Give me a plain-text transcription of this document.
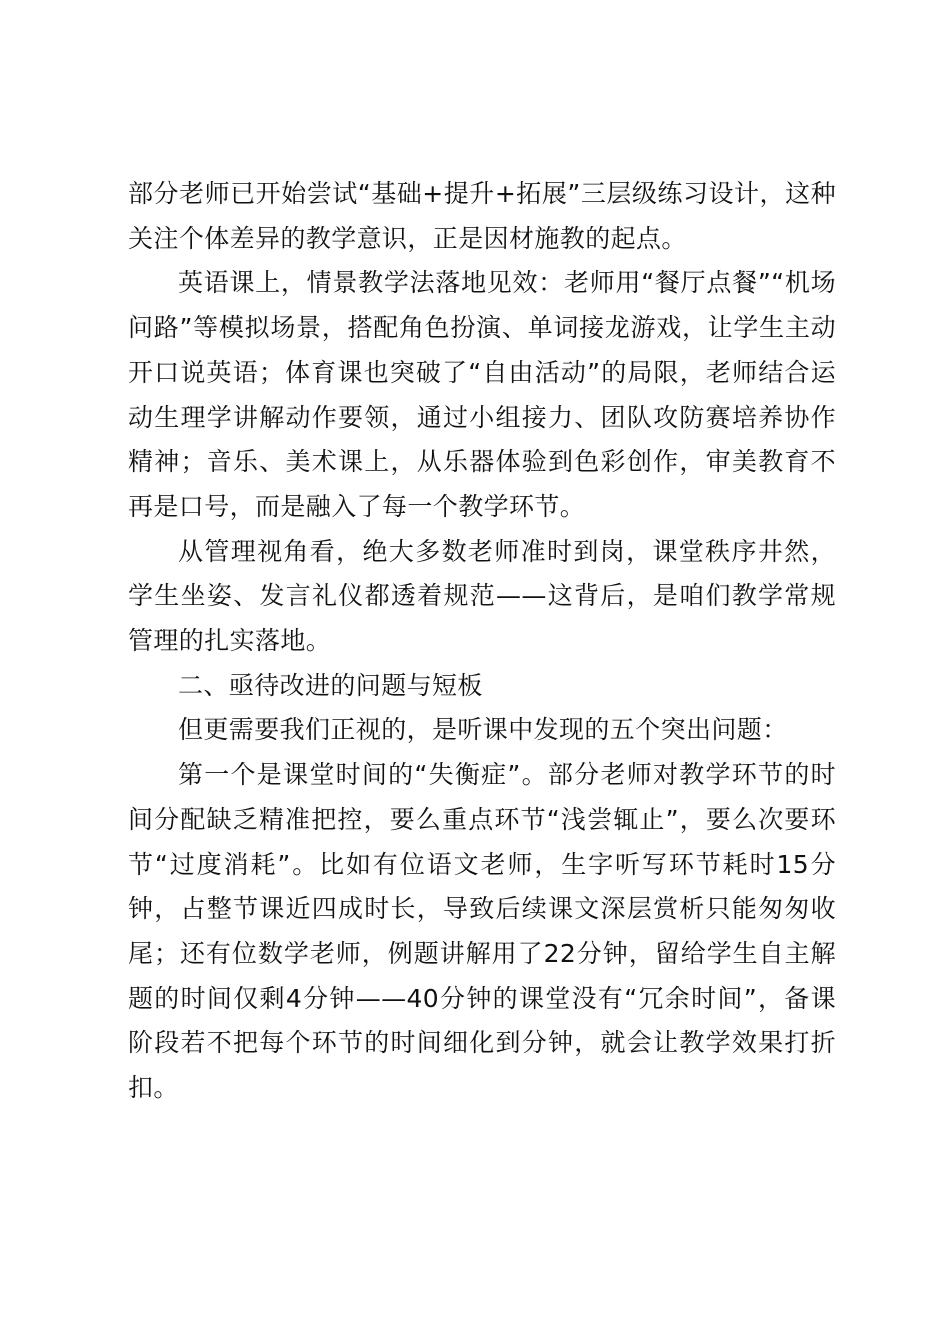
部分老师已开始尝试“基础+提升+拓展”三层级练习设计，这种关注个体差异的教学意识，正是因材施教的起点。

英语课上，情景教学法落地见效：老师用“餐厅点餐”“机场问路”等模拟场景，搭配角色扮演、单词接龙游戏，让学生主动开口说英语；体育课也突破了“自由活动”的局限，老师结合运动生理学讲解动作要领，通过小组接力、团队攻防赛培养协作精神；音乐、美术课上，从乐器体验到色彩创作，审美教育不再是口号，而是融入了每一个教学环节。

从管理视角看，绝大多数老师准时到岗，课堂秩序井然，学生坐姿、发言礼仪都透着规范——这背后，是咱们教学常规管理的扎实落地。

二、亟待改进的问题与短板

但更需要我们正视的，是听课中发现的五个突出问题：

第一个是课堂时间的“失衡症”。部分老师对教学环节的时间分配缺乏精准把控，要么重点环节“浅尝辄止”，要么次要环节“过度消耗”。比如有位语文老师，生字听写环节耗时15分钟，占整节课近四成时长，导致后续课文深层赏析只能匆匆收尾；还有位数学老师，例题讲解用了22分钟，留给学生自主解题的时间仅剩4分钟——40分钟的课堂没有“冗余时间”，备课阶段若不把每个环节的时间细化到分钟，就会让教学效果打折扣。
